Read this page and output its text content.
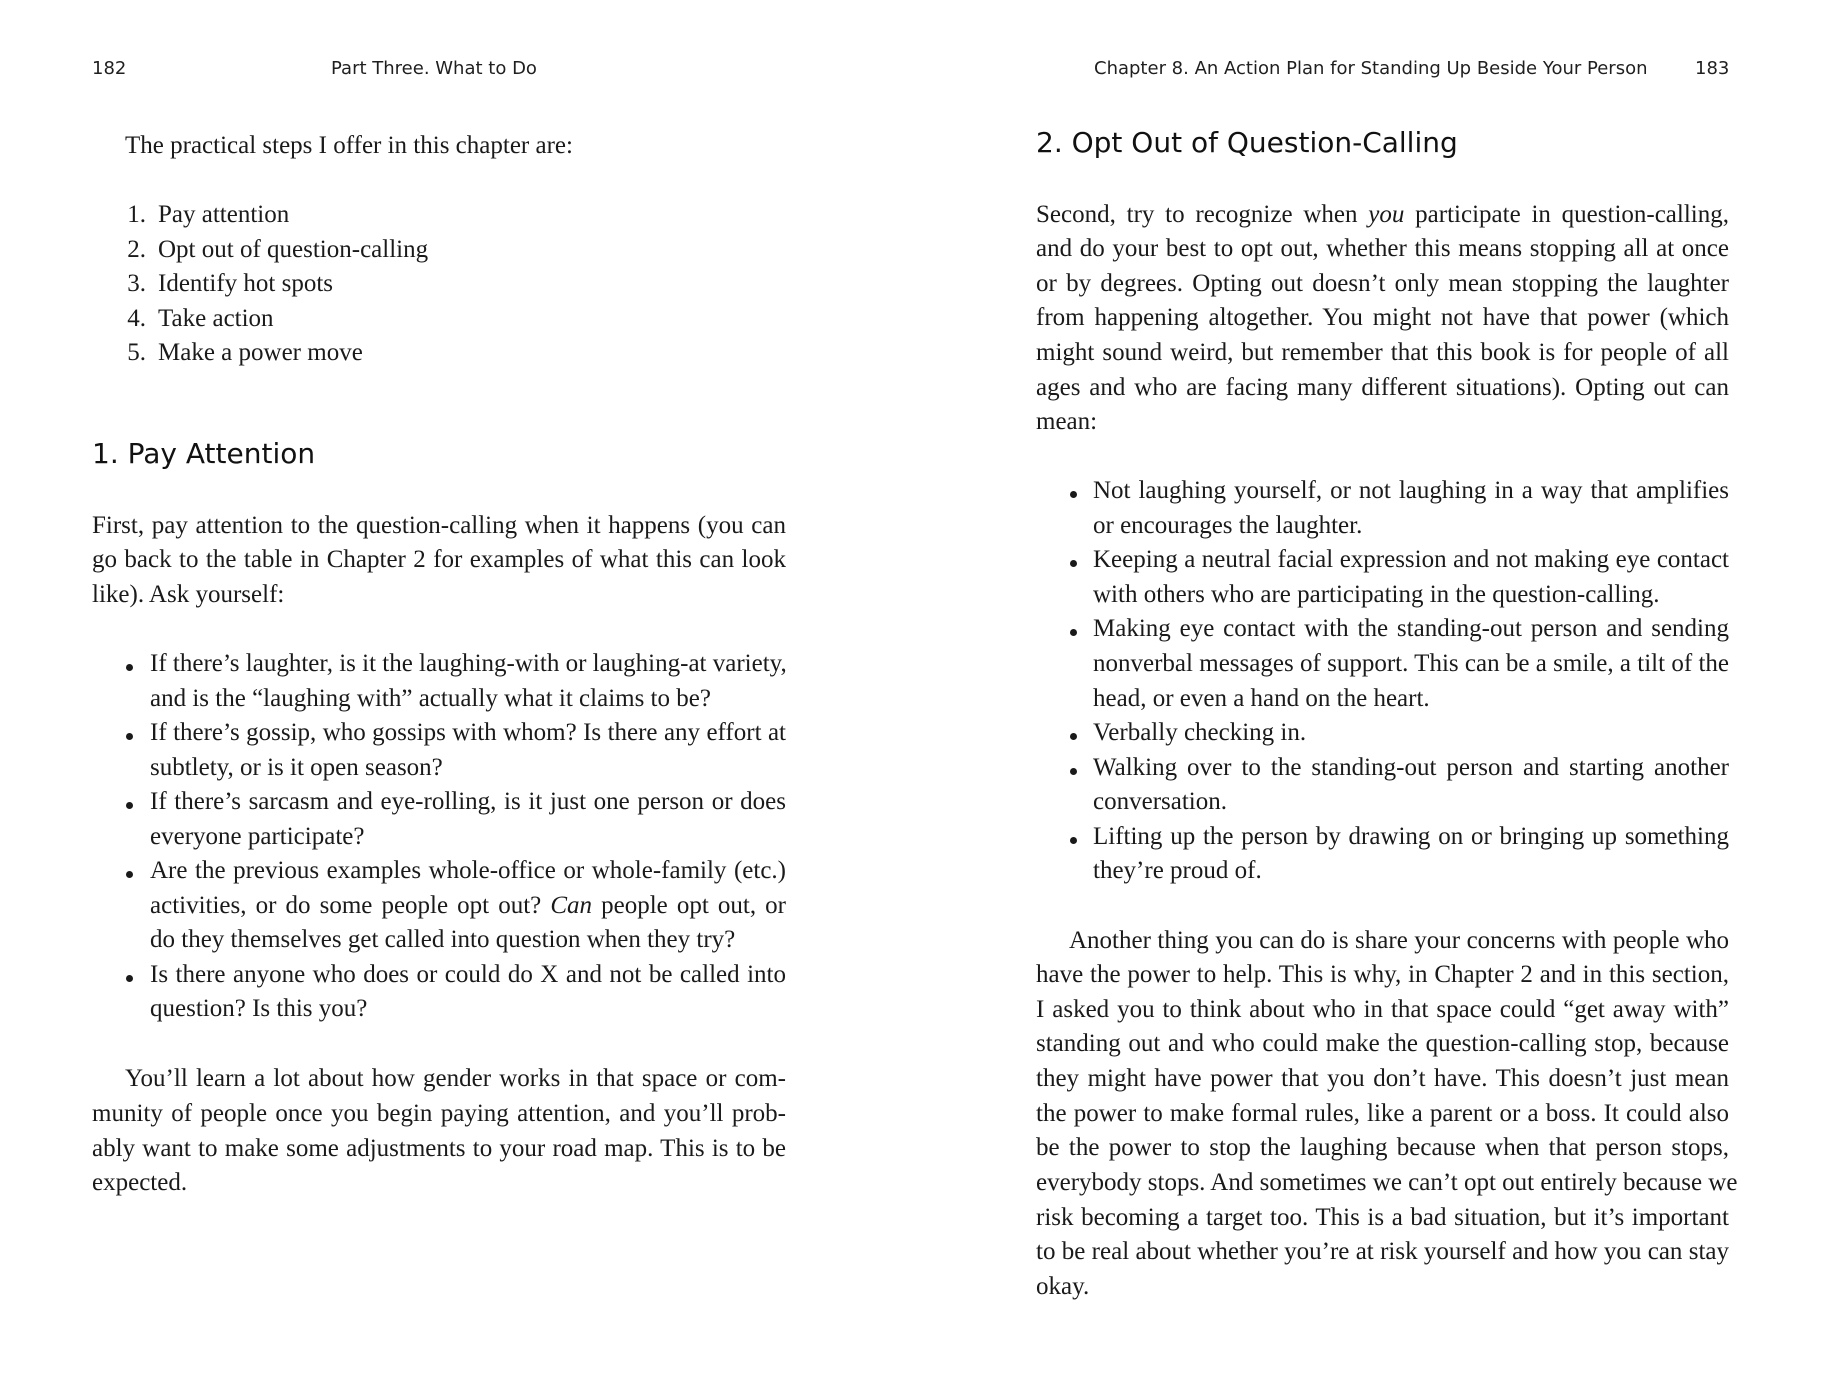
182	Part Three. What to Do
The practical steps I offer in this chapter are:
1. Pay attention
2. Opt out of question-calling
3. Identify hot spots
4. Take action
5. Make a power move
1. Pay Attention
First, pay attention to the question-calling when it happens (you can
go back to the table in Chapter 2 for examples of what this can look
like). Ask yourself:
If there’s laughter, is it the laughing-with or laughing-at variety,
and is the “laughing with” actually what it claims to be?
If there’s gossip, who gossips with whom? Is there any effort at
subtlety, or is it open season?
If there’s sarcasm and eye-rolling, is it just one person or does
everyone participate?
Are the previous examples whole-office or whole-family (etc.)
activities, or do some people opt out? Can people opt out, or
do they themselves get called into question when they try?
Is there anyone who does or could do X and not be called into
question? Is this you?
You’ll learn a lot about how gender works in that space or com-
munity of people once you begin paying attention, and you’ll prob-
ably want to make some adjustments to your road map. This is to be
expected.
Chapter 8. An Action Plan for Standing Up Beside Your Person	183
2. Opt Out of Question-Calling
Second, try to recognize when you participate in question-calling,
and do your best to opt out, whether this means stopping all at once
or by degrees. Opting out doesn’t only mean stopping the laughter
from happening altogether. You might not have that power (which
might sound weird, but remember that this book is for people of all
ages and who are facing many different situations). Opting out can
mean:
Not laughing yourself, or not laughing in a way that amplifies
or encourages the laughter.
Keeping a neutral facial expression and not making eye contact
with others who are participating in the question-calling.
Making eye contact with the standing-out person and sending
nonverbal messages of support. This can be a smile, a tilt of the
head, or even a hand on the heart.
Verbally checking in.
Walking over to the standing-out person and starting another
conversation.
Lifting up the person by drawing on or bringing up something
they’re proud of.
Another thing you can do is share your concerns with people who
have the power to help. This is why, in Chapter 2 and in this section,
I asked you to think about who in that space could “get away with”
standing out and who could make the question-calling stop, because
they might have power that you don’t have. This doesn’t just mean
the power to make formal rules, like a parent or a boss. It could also
be the power to stop the laughing because when that person stops,
everybody stops. And sometimes we can’t opt out entirely because we
risk becoming a target too. This is a bad situation, but it’s important
to be real about whether you’re at risk yourself and how you can stay
okay.
